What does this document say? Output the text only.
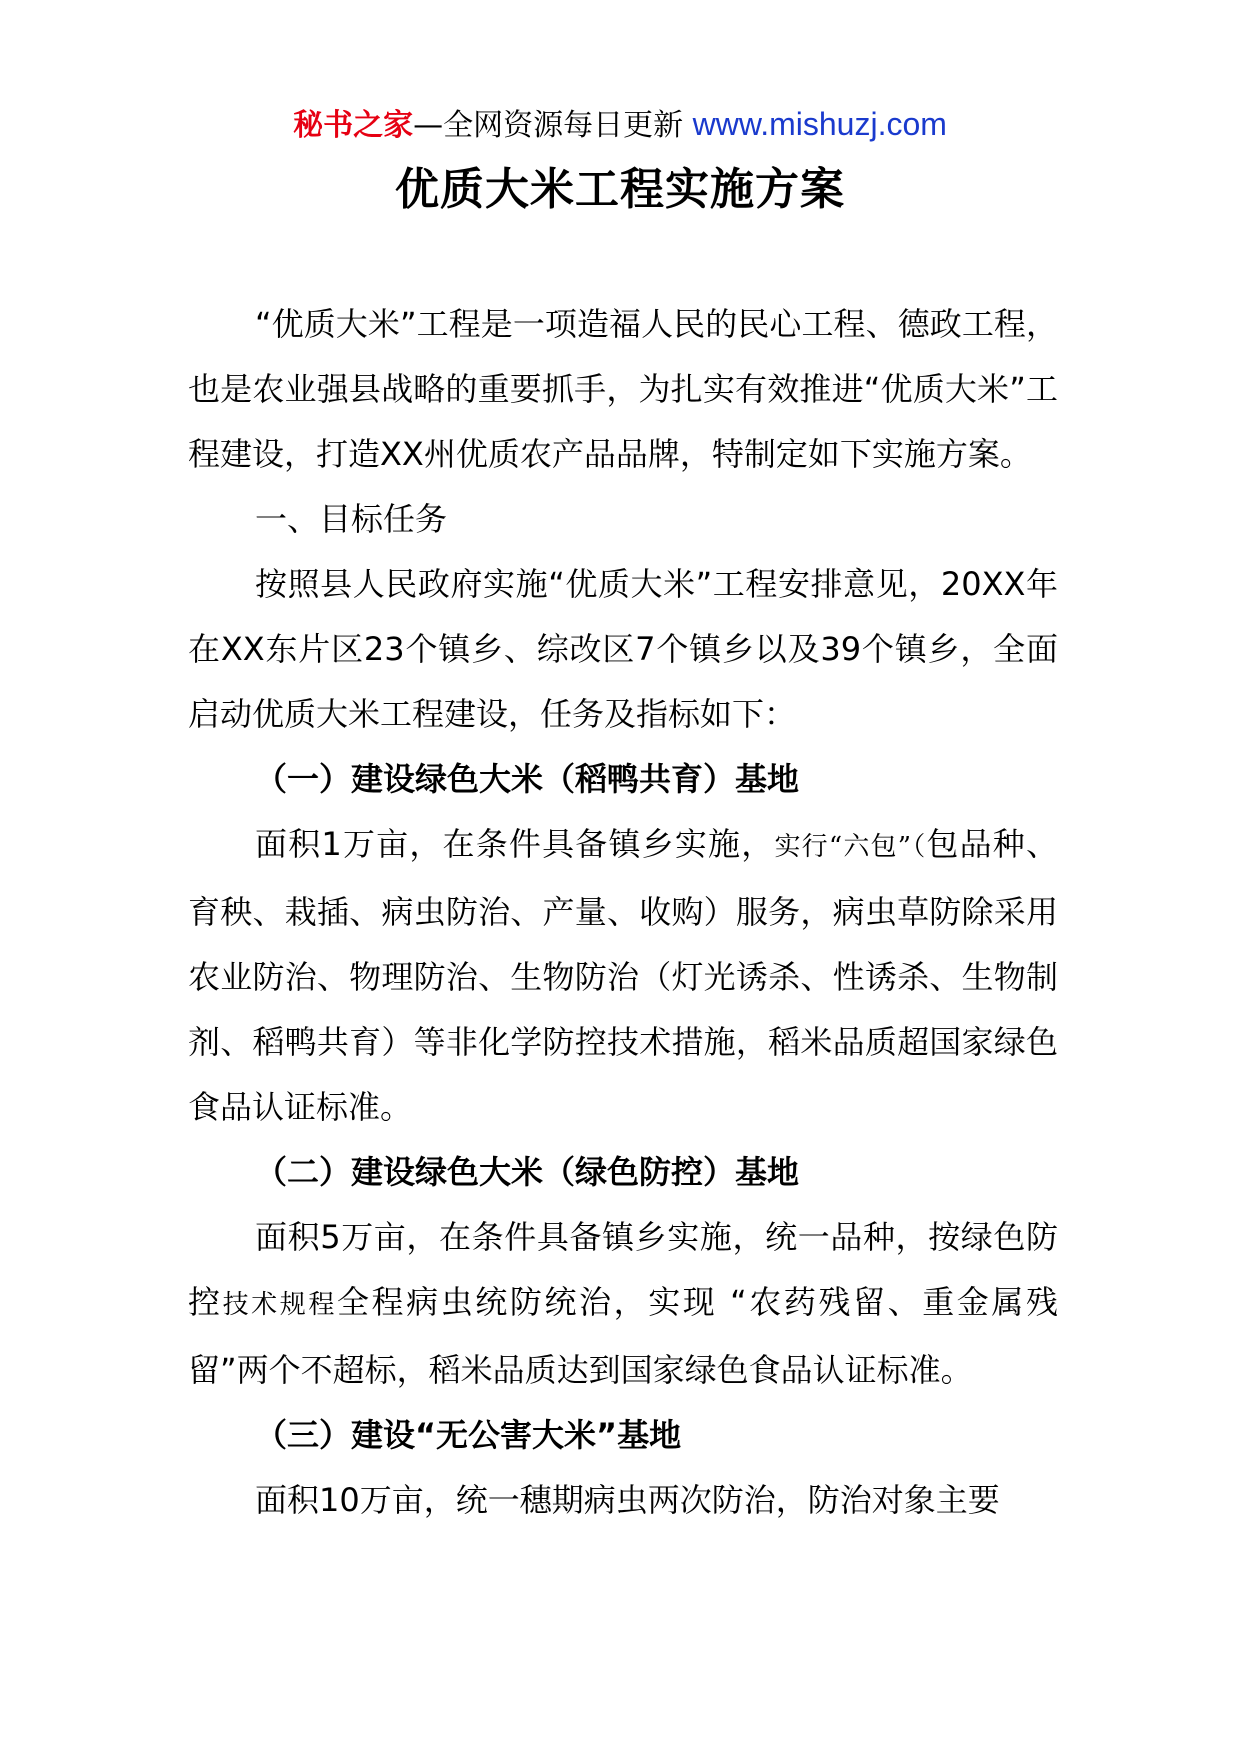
秘书之家—全网资源每日更新 www.mishuzj.com
优质大米工程实施方案

“优质大米”工程是一项造福人民的民心工程、德政工程，也是农业强县战略的重要抓手，为扎实有效推进“优质大米”工程建设，打造XX州优质农产品品牌，特制定如下实施方案。

一、目标任务

按照县人民政府实施“优质大米”工程安排意见，20XX年在XX东片区23个镇乡、综改区7个镇乡以及39个镇乡，全面启动优质大米工程建设，任务及指标如下：

（一）建设绿色大米（稻鸭共育）基地

面积1万亩，在条件具备镇乡实施，实行“六包”（包品种、育秧、栽插、病虫防治、产量、收购）服务，病虫草防除采用农业防治、物理防治、生物防治（灯光诱杀、性诱杀、生物制剂、稻鸭共育）等非化学防控技术措施，稻米品质超国家绿色食品认证标准。

（二）建设绿色大米（绿色防控）基地

面积5万亩，在条件具备镇乡实施，统一品种，按绿色防控技术规程全程病虫统防统治，实现 “农药残留、重金属残留”两个不超标，稻米品质达到国家绿色食品认证标准。

（三）建设“无公害大米”基地

面积10万亩，统一穗期病虫两次防治，防治对象主要
